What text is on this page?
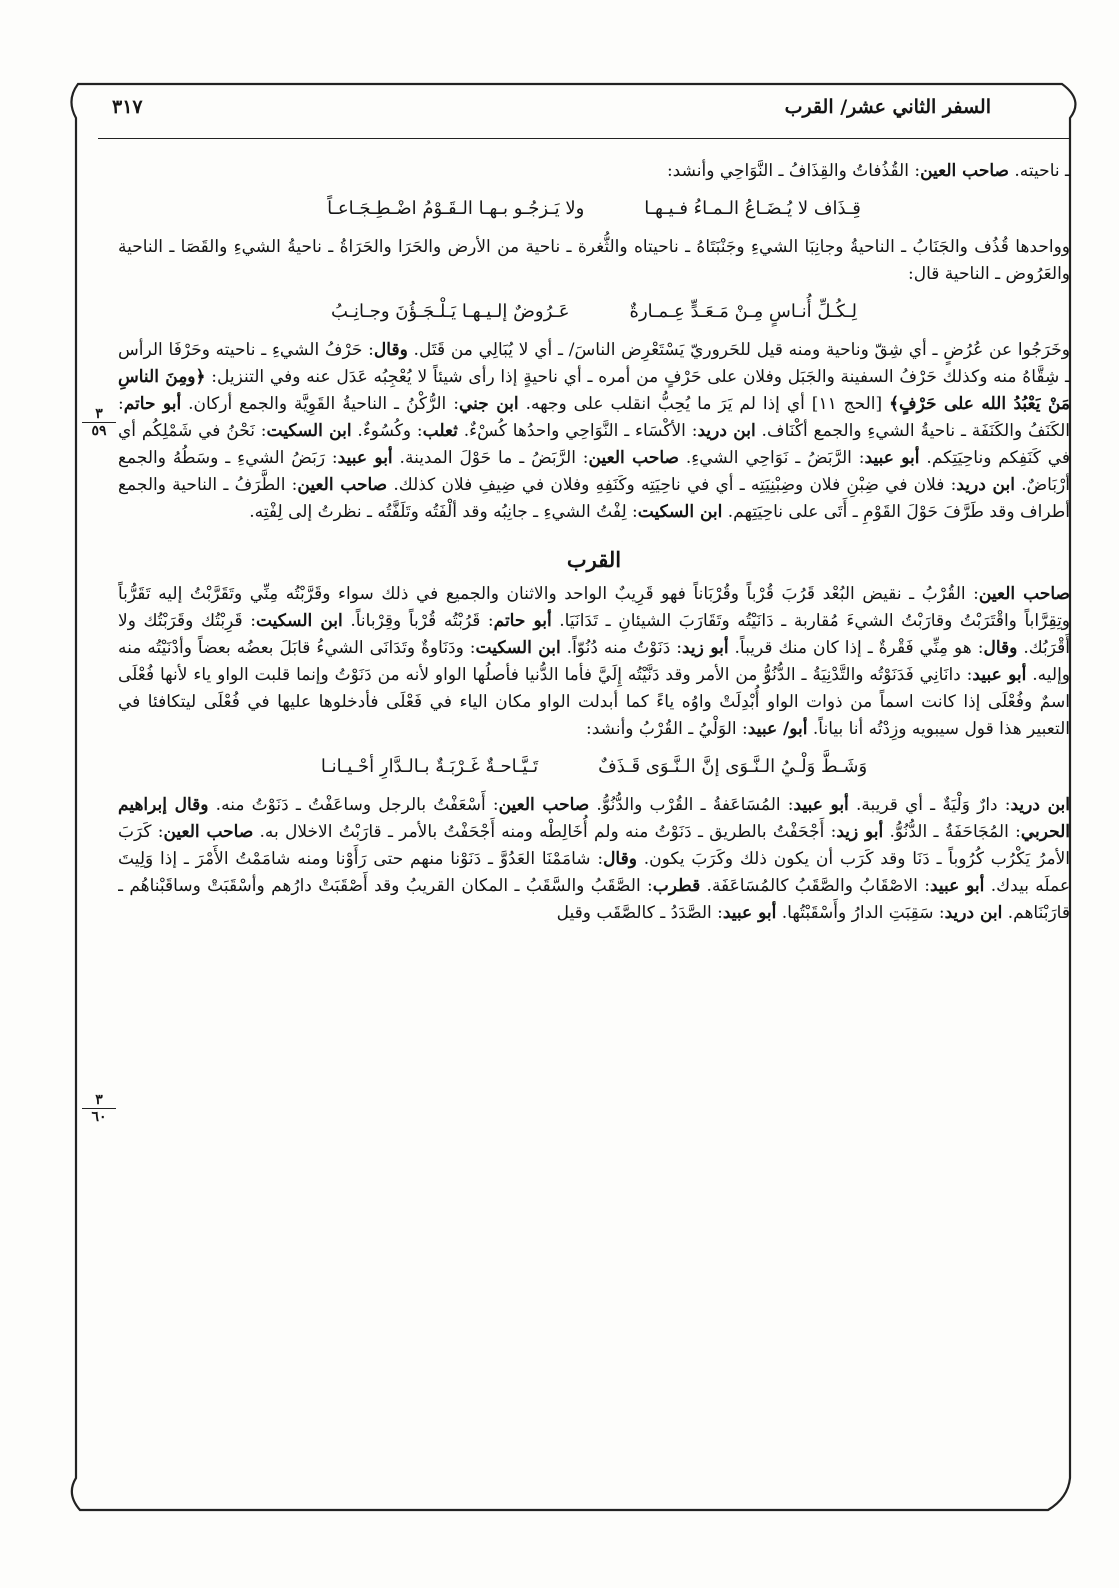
السفر الثاني عشر/ القرب
٣١٧
٣
٥٩
٣
٦٠

ـ ناحيته. صاحب العين: القُذُفاتُ والقِذَافُ ـ النَّوَاحِي وأنشد:

قِـذَاف لا يُـضَـاعُ الـمـاءُ فـيـهـا
ولا يَـزجُـو بـهـا الـقَـوْمُ اضْـطِـجَـاعـاً

وواحدها قُذُف والجَنَابُ ـ الناحيةُ وجانِبَا الشيءِ وجَنْبَتَاهُ ـ ناحيتاه والثُّغرة ـ ناحية من الأرض والحَرَا والحَرَاةُ ـ ناحيةُ الشيءِ والقَصَا ـ الناحية والعَرُوض ـ الناحية قال:

لِـكُـلِّ أُنـاسٍ مِـنْ مَـعَـدٍّ عِـمـارةٌ
عَـرُوضٌ إلـيـهـا يَـلْـجَـؤُنَ وجـانِـبُ

وخَرَجُوا عن عُرُضٍ ـ أي شِقّ وناحية ومنه قيل للحَروريّ يَسْتَعْرِض الناسَ/ ـ أي لا يُبَالِي من قَتَل. وقال: حَرْفُ الشيءِ ـ ناحيته وحَرْفَا الرأس ـ شِقَّاهُ منه وكذلك حَرْفُ السفينة والجَبَل وفلان على حَرْفٍ من أمره ـ أي ناحيةٍ إذا رأى شيئاً لا يُعْجِبُه عَدَل عنه وفي التنزيل: ﴿ومِنَ الناسِ مَنْ يَعْبُدُ الله على حَرْفٍ﴾ [الحج ١١] أي إذا لم يَرَ ما يُحِبُّ انقلب على وجهه. ابن جني: الرُّكْنُ ـ الناحيةُ القَوِيَّة والجمع أركان. أبو حاتم: الكَنَفُ والكَنَفَة ـ ناحيةُ الشيءِ والجمع أكْنَاف. ابن دريد: الأكْسَاء ـ النَّوَاحِي واحدُها كُسْءٌ. ثعلب: وكُسُوءٌ. ابن السكيت: نَحْنُ في شَمْلِكُم أي في كَنَفِكم وناحِيَتِكم. أبو عبيد: الرَّبَضُ ـ نَوَاحِي الشيءِ. صاحب العين: الرَّبَضُ ـ ما حَوْلَ المدينة. أبو عبيد: رَبَضُ الشيءِ ـ وسَطُهُ والجمع أرْبَاضٌ. ابن دريد: فلان في ضِبْنِ فلان وضِبْنِيَتِه ـ أي في ناحِيَتِه وكَنَفِهِ وفلان في ضِيفِ فلان كذلك. صاحب العين: الطَّرَفُ ـ الناحية والجمع أطراف وقد طَرَّفَ حَوْلَ القَوْمِ ـ أَتَى على ناحِيَتِهم. ابن السكيت: لِفْتُ الشيءِ ـ جانِبُه وقد ألْفَتُه وتَلَفَّتُه ـ نظرتُ إلى لِفْتِه.

القرب

صاحب العين: القُرْبُ ـ نقيض البُعْد قَرُبَ قُرْباً وقُرْبَاناً فهو قَرِيبٌ الواحد والاثنان والجميع في ذلك سواء وقَرَّبْتُه مِنِّي وتَقَرَّبْتُ إليه تَقَرُّباً وتِقِرَّاباً واقْتَرَبْتُ وقارَبْتُ الشيءَ مُقاربة ـ دَانَيْتُه وتَقَارَبَ الشيئانِ ـ تَدَانَيَا. أبو حاتم: قَرُبْتُه قُرْباً وقِرْباناً. ابن السكيت: قَرِبْتُك وقَرَبْتُك ولا أَقْرَبُك. وقال: هو مِنِّي فَقْرةٌ ـ إذا كان منك قريباً. أبو زيد: دَنَوْتُ منه دُنُوّاً. ابن السكيت: ودَنَاوةٌ وتَدَانَى الشيءُ قابَلَ بعضُه بعضاً وأدْنَيْتُه منه وإليه. أبو عبيد: دانَانِي فَدَنَوْتُه والتَّدْنِيَةُ ـ الدُّنُوُّ من الأمر وقد دَنَّيْتُه إِلَيَّ فأما الدُّنيا فأصلُها الواو لأنه من دَنَوْتُ وإنما قلبت الواو ياء لأنها فُعْلَى اسمٌ وفُعْلَى إذا كانت اسماً من ذوات الواو أُبْدِلَتْ واوُه ياءً كما أبدلت الواو مكان الياء في فَعْلَى فأدخلوها عليها في فُعْلَى ليتكافئا في التعبير هذا قول سيبويه وزِدْتُه أنا بياناً. أبو/ عبيد: الوَلْيُ ـ القُرْبُ وأنشد:

وَشَـطَّ وَلْـيُ الـنَّـوَى إنَّ الـنَّـوَى قَـذَفٌ
تَـيَّـاحـةٌ غَـرْبَـةٌ بـالـدَّارِ أحْـيـانـا

ابن دريد: دارٌ وَلْيَةٌ ـ أي قريبة. أبو عبيد: المُسَاعَفةُ ـ القُرْب والدُّنُوُّ. صاحب العين: أَسْعَفْتُ بالرجل وساعَفْتُ ـ دَنَوْتُ منه. وقال إبراهيم الحربي: المُجَاحَفَةُ ـ الدُّنُوُّ. أبو زيد: أَجْحَفْتُ بالطريق ـ دَنَوْتُ منه ولم أُخَالِطْه ومنه أَجْحَفْتُ بالأمر ـ قارَبْتُ الاخلال به. صاحب العين: كَرَبَ الأمرُ يَكْرُب كُرُوباً ـ دَنَا وقد كَرَب أن يكون ذلك وكَرَبَ يكون. وقال: شامَمْنَا العَدُوَّ ـ دَنَوْنا منهم حتى رَأَوْنا ومنه شامَمْتُ الأَمْرَ ـ إذا وَلِيتَ عملَه بيدك. أبو عبيد: الاصْقَابُ والصَّقَبُ كالمُسَاعَفَة. قطرب: الصَّقَبُ والسَّقَبُ ـ المكان القريبُ وقد أَصْقَبَتْ دارُهم وأسْقَبَتْ وساقَبْناهُم ـ قارَبْنَاهم. ابن دريد: سَقِبَتِ الدارُ وأَسْقَبْتُها. أبو عبيد: الصَّدَدُ ـ كالصَّقَب وقيل
